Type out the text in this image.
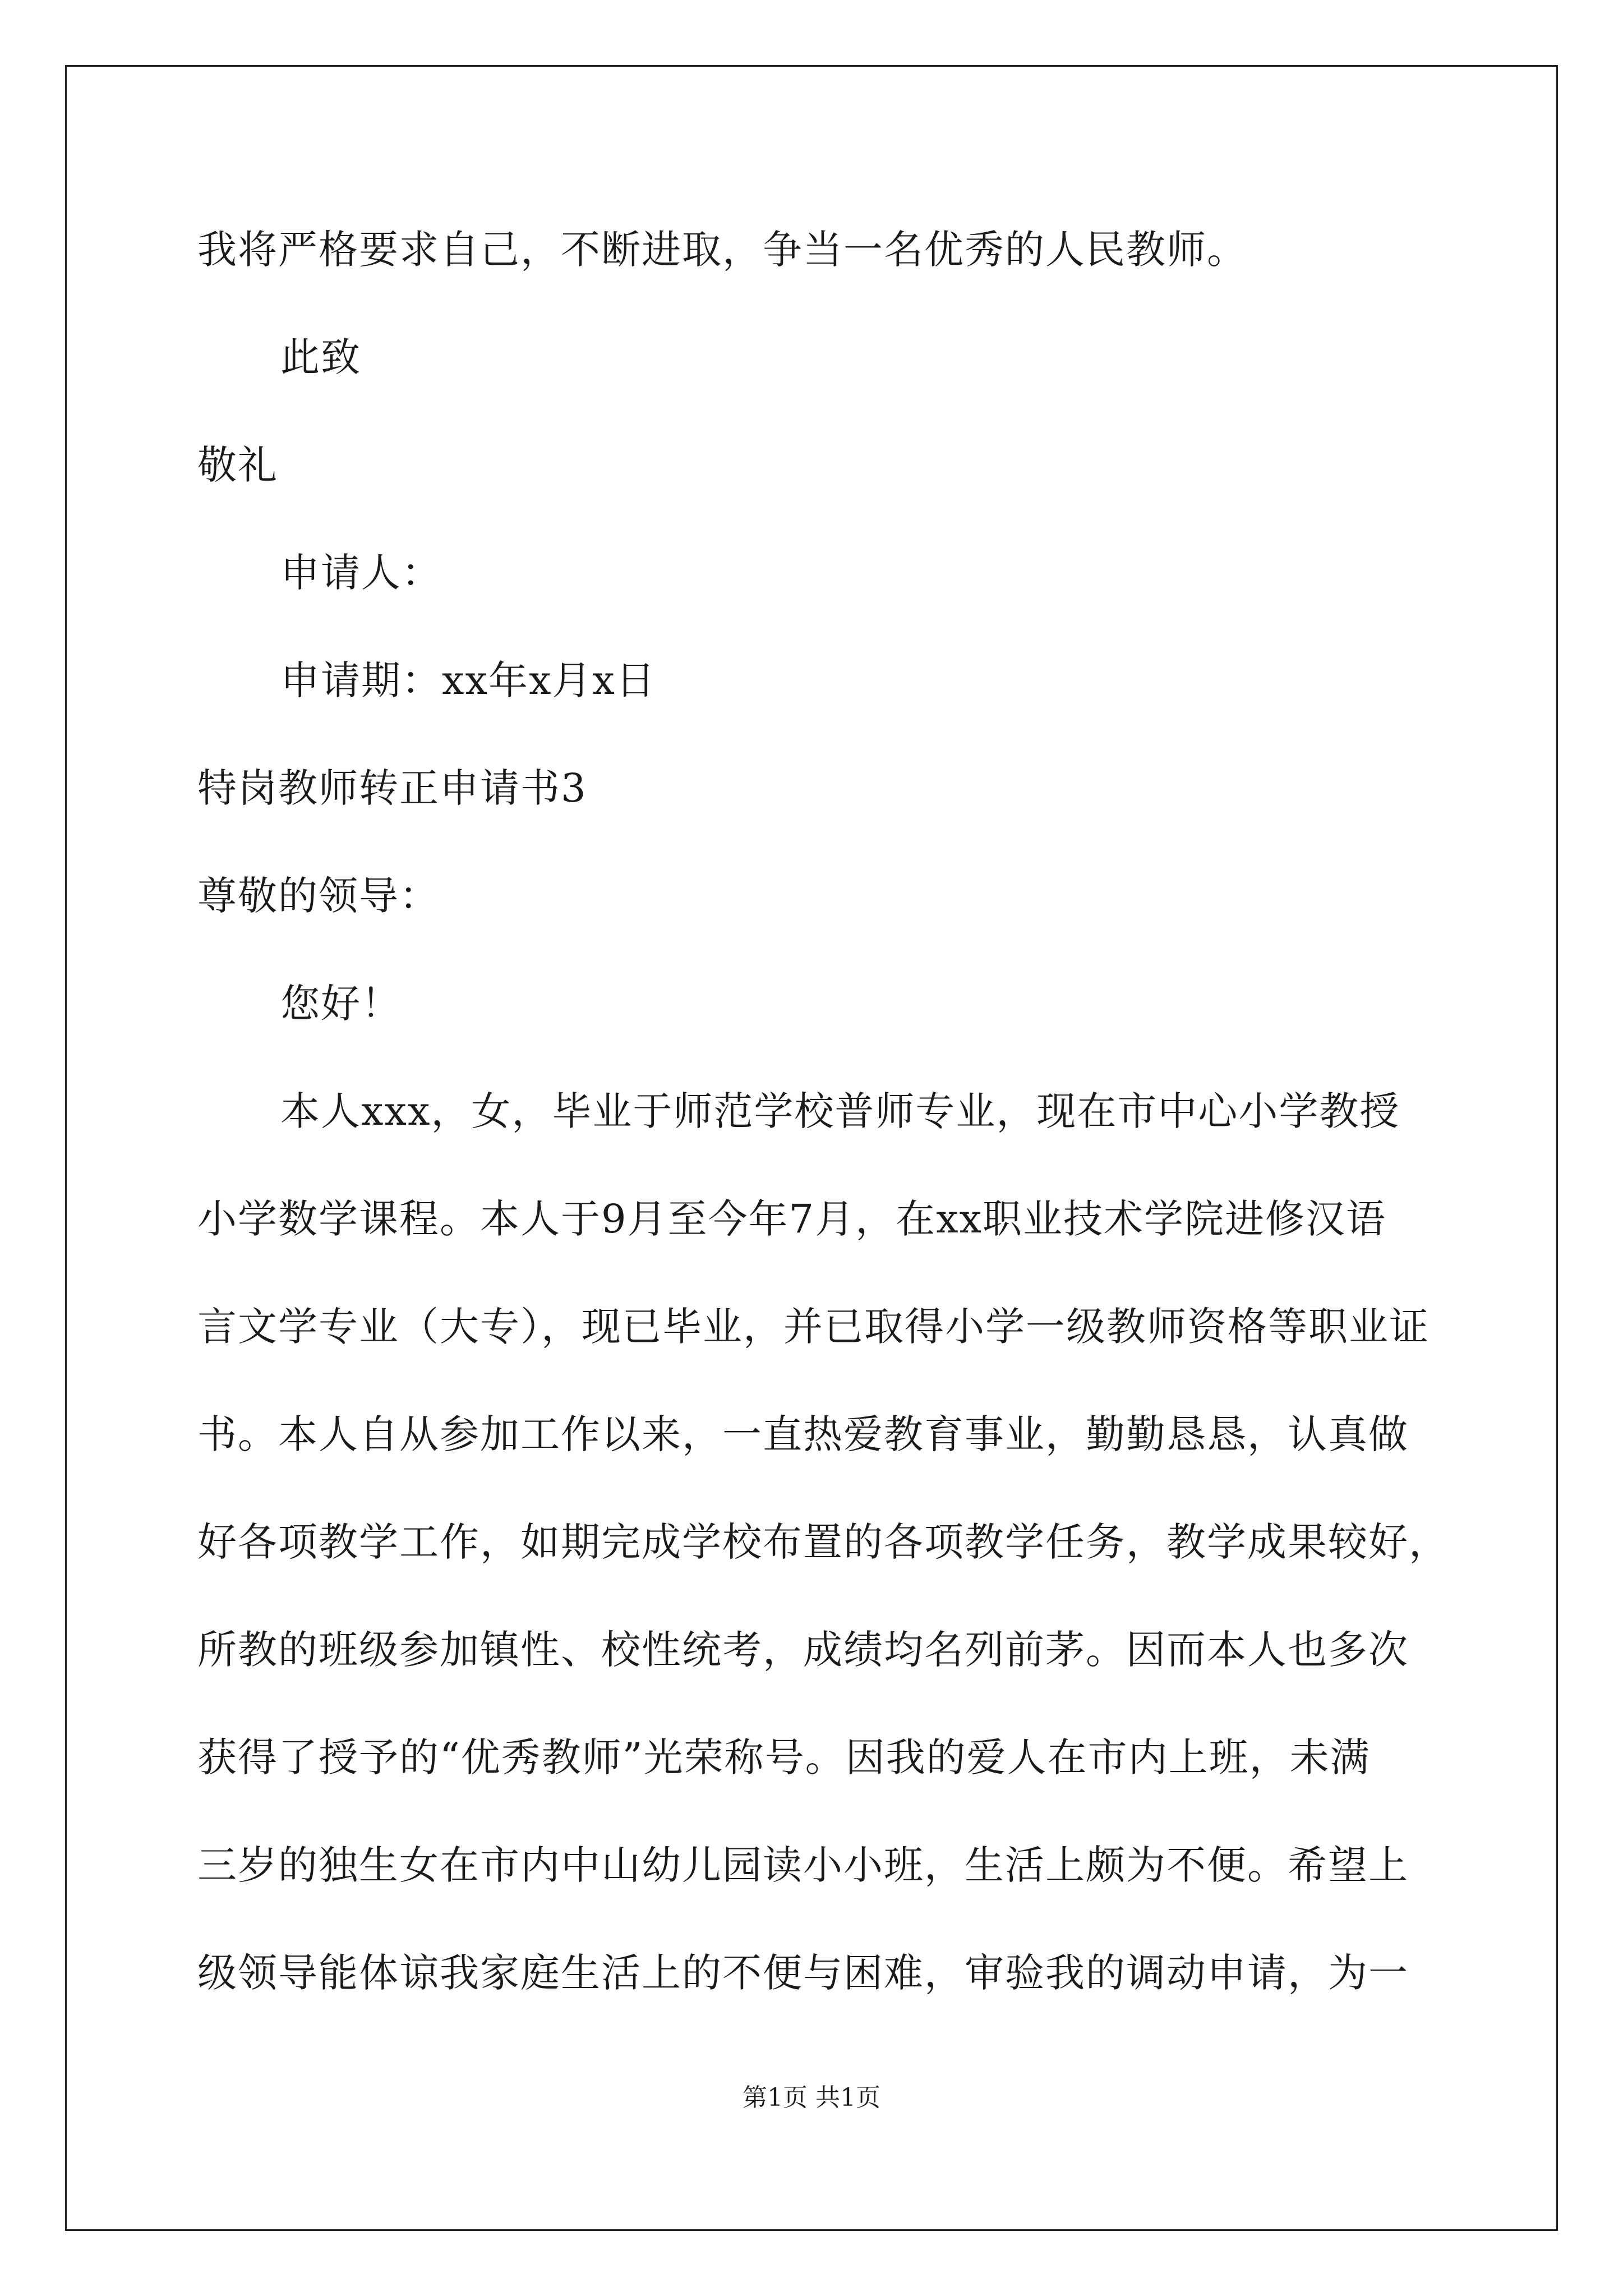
我将严格要求自己，不断进取，争当一名优秀的人民教师。
此致
敬礼
申请人：
申请期：xx年x月x日
特岗教师转正申请书3
尊敬的领导：
您好！
本人xxx，女，毕业于师范学校普师专业，现在市中心小学教授
小学数学课程。本人于9月至今年7月，在xx职业技术学院进修汉语
言文学专业（大专），现已毕业，并已取得小学一级教师资格等职业证
书。本人自从参加工作以来，一直热爱教育事业，勤勤恳恳，认真做
好各项教学工作，如期完成学校布置的各项教学任务，教学成果较好，
所教的班级参加镇性、校性统考，成绩均名列前茅。因而本人也多次
获得了授予的“优秀教师”光荣称号。因我的爱人在市内上班，未满
三岁的独生女在市内中山幼儿园读小小班，生活上颇为不便。希望上
级领导能体谅我家庭生活上的不便与困难，审验我的调动申请，为一
第1页 共1页
